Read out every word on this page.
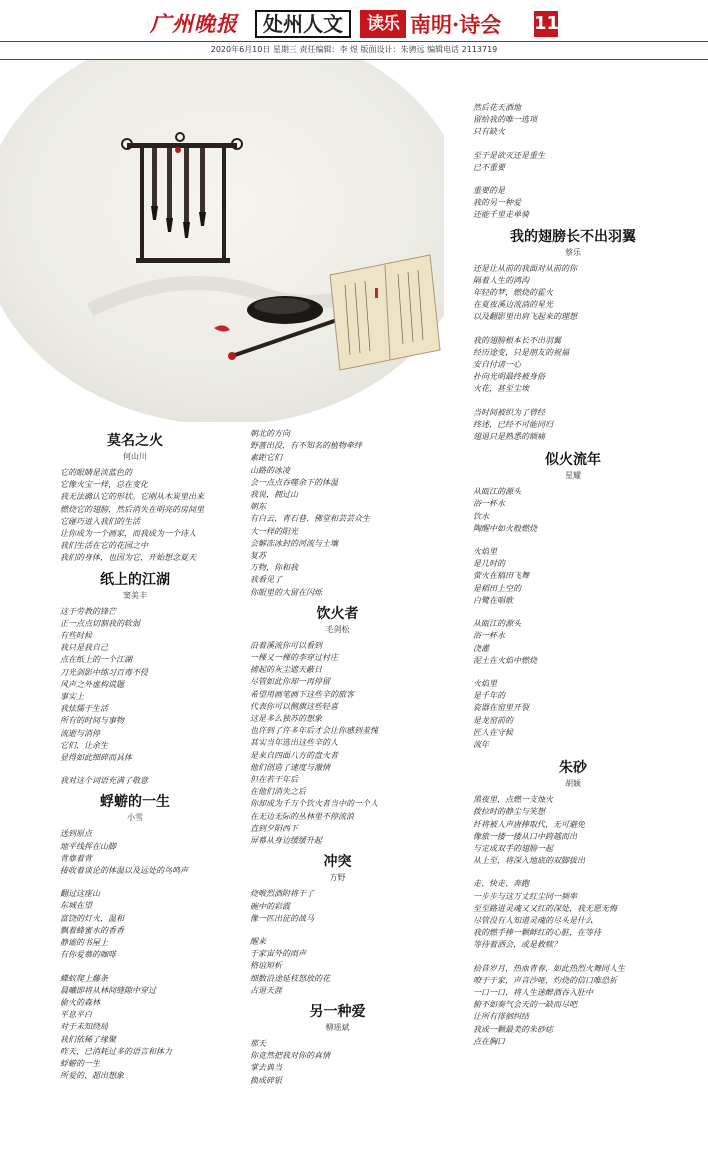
广州晚报	处州人文	读乐 南明·诗会 11
2020年6月10日 星期三 责任编辑：李 煜 版面设计：朱骋远 编辑电话 2113719
莫名之火
何山川
它的眼睛是淡蓝色的
它像火宝一样，总在变化
我无法确认它的形状。它刚从木炭里出来
燃烧它的翅膀，然后消失在明亮的房间里
它碰巧进入我们的生活
让你成为一个画家，而我成为一个诗人
我们生活在它的花园之中
我们的身体，也因为它，开始想念夏天
纸上的江湖
窦美丰
这于劳教的锋芒
正一点点切割我的软弱
有些时候
我只是我自己
点在纸上的一个江湖
刀光剑影中练习百毒不侵
风声之外虚构谎题
事实上
我怯懦于生活
所有的时间与事物
流逝与消停
它们，让余生
显得如此细碎而具体
我对这个词语充满了敬意
蜉蝣的一生
小雪
送到原点
地平线挥在山脚
背靠着背
接收着谈论的体温以及远处的鸟鸣声
翻过这座山
东城在望
富饶的灯火，温和
飘着蜂蜜水的香香
静谧的书屋上
有你爱慕的咖啡
蝶蚁爬上藤条
晨曦即将从林间缝隙中穿过
偷火的森林
平息平白
对于未知绕局
我们依稀了缘聚
昨天，已消耗过多的语言和体力
蜉蝣的一生
所爱的，超出想象
朝北的方向
野蔷出没，有不知名的植物牵绊
素距它们
山路的冰凌
会一点点吞噬余下的体温
我说，拥过山
朝东
有白云、青石巷、佛堂和芸芸众生
大一样的阳光
会解冻冰封的河流与土壤
复苏
万物，你和我
我看见了
你眼里的大留在闪烁
饮火者
毛剑松
沿着溪流你可以看到
一棵又一棵的李穿过村庄
掳起的灰尘遮天蔽日
尽管如此你却一再停留
希望用画笔画下这些辛的旅客
代表你可以侧旗这些轻喜
这是多么独苏的想象
也许到了许多年后才会让你感到羞愧
其实当年选出这些辛的人
是来自四面八方的盘火者
他们创造了速度与激情
但在若干年后
在他们消失之后
你却成为千万个饮火者当中的一个人
在无边无际的丛林里不停流浪
直到夕阳西下
屏幕从身边缓缓升起
冲突
方野
烧喉烈酒附将干了
碗中的彩霞
像一匹出征的战马
醒来
于家宙外的雨声
格谊短析
细数沿途延枝怒放的花
占退天涯
另一种爱
柳瑶斌
那天
你竟然把我对你的真情
掌去典当
换成碎银
然后花天酒地
留给我的唯一选项
只有缺火
至于是欲灭还是重生
已不重要
重要的是
我的另一种爱
还能千里走单骑
我的翅膀长不出羽翼
蔡乐
还是让从前的我面对从前的你
隔着人生的鸿沟
年轻的梦，燃烧的霍火
在夏夜溪边流淌的星光
以及翻影里出肩飞起来的理想
我的翅膀根本长不出羽翼
经历途变，只是朋友的祝福
安自付诸一心
扑向光明最终被身俗
火花，甚至尘埃
当时间被织为了曾经
终述，已经不可能同归
翅退只是熟悉的额痛
似火流年
星耀
从瓯江的源头
浴一杯水
饮水
陶醒中如火般燃烧
火焰里
是几时的
萤火在稿田飞舞
是稻田上空的
白鹭在唱歌
从瓯江的源头
浴一杯水
浇灌
泥土在火焰中燃烧
火焰里
是千年的
瓷器在窑里开裂
是龙窑前的
匠人在守候
流年
朱砂
胡颖
黑夜里，点燃一支烛火
拨拉时的静尘与笑想
纤将被人声唐捧取代，无可避免
像旅一搂一搂从口中跨越而出
与定成双手的翅膀一起
从上至，将深入地底的双脚拔出
走、快走、奔跑
一步步与这万丈红尘同一频率
至至路进灵魂又又红的深处，我无愿无悔
尽管没有人知道灵魂的尽头是什么
我的燃手捧一颗鲜红的心脏，在等待
等待着洒会，或是救赎？
拾昔岁月，热血青春，如此热烈火舞同人生
嘹于于家，声音沙哑，灼烧的信口唯恐祈
一口一口，将人生迷醉酒吞入肚中
俯不如奏气会天的一缺而尽吧
让所有徘徊纠结
我成一颗最美的朱砂痣
点在胸口
